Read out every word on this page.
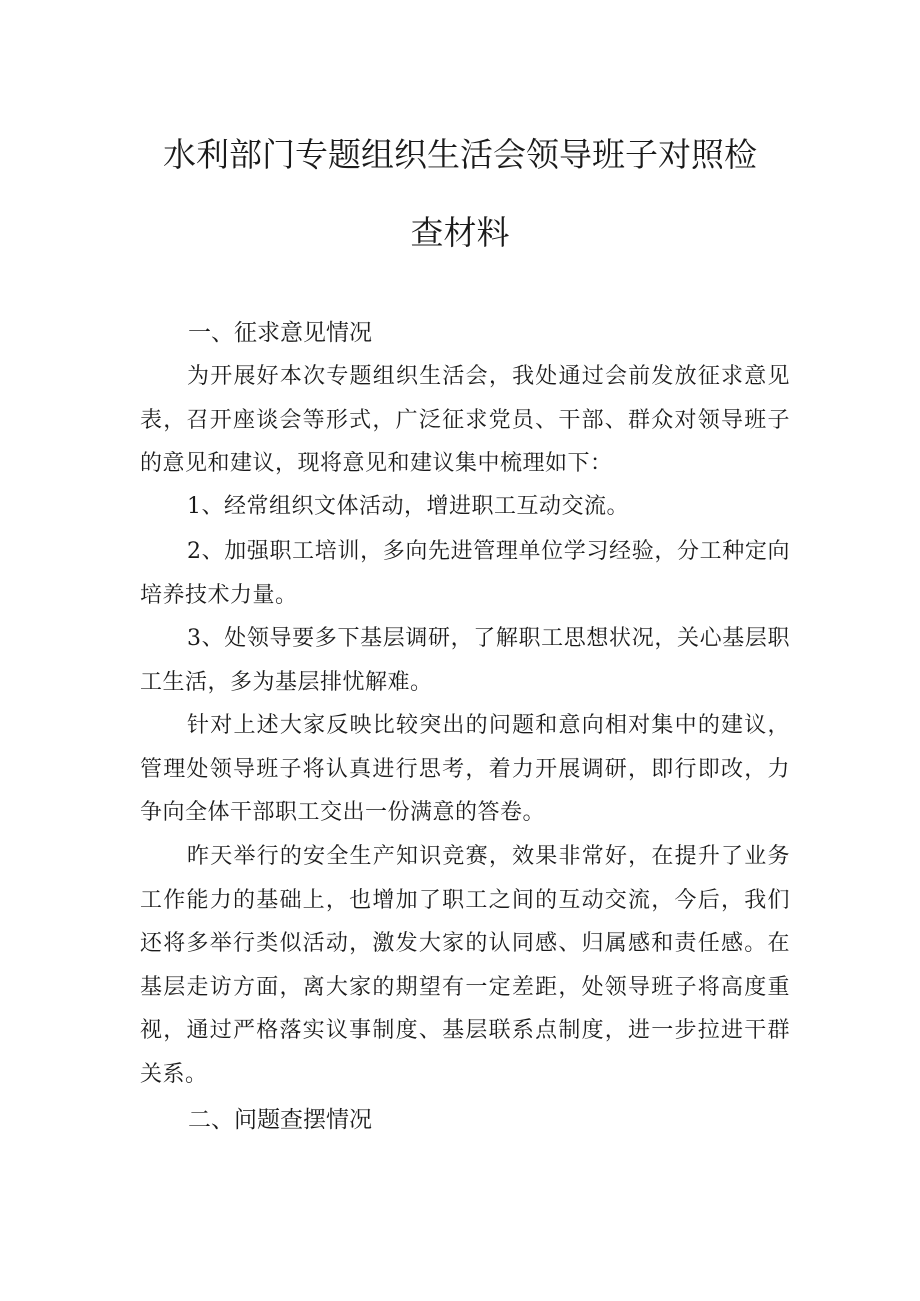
水利部门专题组织生活会领导班子对照检
查材料
一、征求意见情况

为开展好本次专题组织生活会，我处通过会前发放征求意见表，召开座谈会等形式，广泛征求党员、干部、群众对领导班子的意见和建议，现将意见和建议集中梳理如下：

1、经常组织文体活动，增进职工互动交流。

2、加强职工培训，多向先进管理单位学习经验，分工种定向培养技术力量。

3、处领导要多下基层调研，了解职工思想状况，关心基层职工生活，多为基层排忧解难。

针对上述大家反映比较突出的问题和意向相对集中的建议，管理处领导班子将认真进行思考，着力开展调研，即行即改，力争向全体干部职工交出一份满意的答卷。

昨天举行的安全生产知识竞赛，效果非常好，在提升了业务工作能力的基础上，也增加了职工之间的互动交流，今后，我们还将多举行类似活动，激发大家的认同感、归属感和责任感。在基层走访方面，离大家的期望有一定差距，处领导班子将高度重视，通过严格落实议事制度、基层联系点制度，进一步拉进干群关系。

二、问题查摆情况
